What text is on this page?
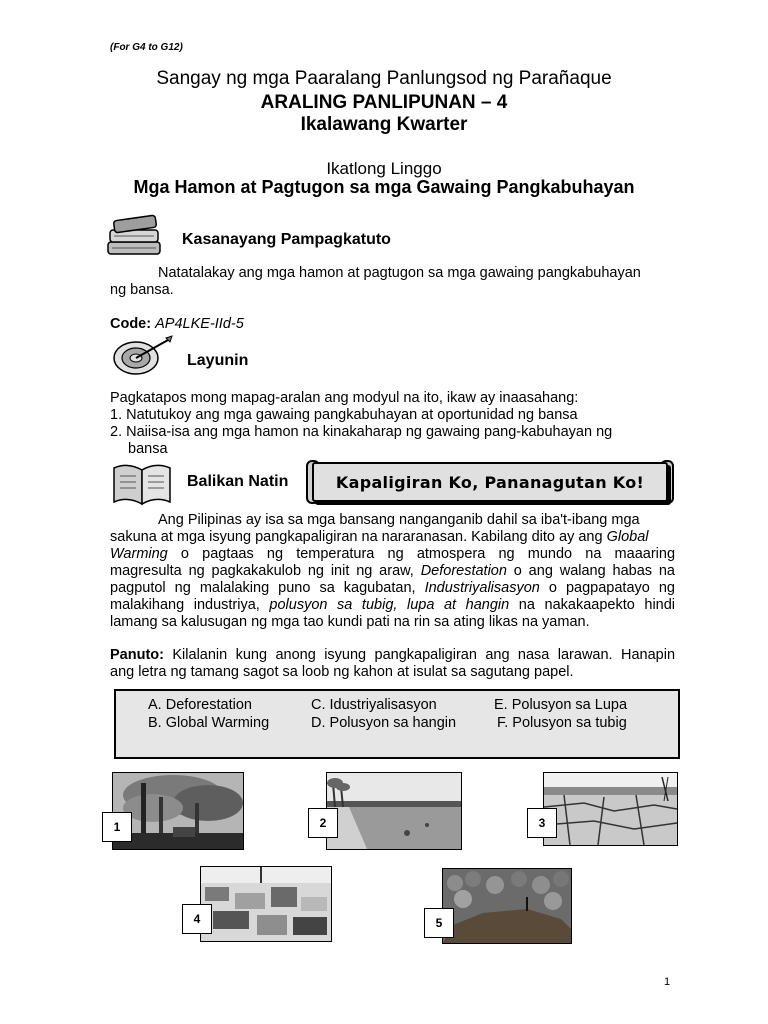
(For G4 to G12)
Sangay ng mga Paaralang Panlungsod ng Parañaque
ARALING PANLIPUNAN – 4
Ikalawang Kwarter
Ikatlong Linggo
Mga Hamon at Pagtugon sa mga Gawaing Pangkabuhayan
Kasanayang Pampagkatuto
Natatalakay ang mga hamon at pagtugon sa mga gawaing pangkabuhayan
ng bansa.
Code: AP4LKE-IId-5
Layunin
Pagkatapos mong mapag-aralan ang modyul na ito, ikaw ay inaasahang:
1. Natutukoy ang mga gawaing pangkabuhayan at oportunidad ng bansa
2. Naiisa-isa ang mga hamon na kinakaharap ng gawaing pang-kabuhayan ng
bansa
Balikan Natin	Kapaligiran Ko, Pananagutan Ko!
Ang Pilipinas ay isa sa mga bansang nanganganib dahil sa iba't-ibang mga
sakuna at mga isyung pangkapaligiran na nararanasan. Kabilang dito ay ang Global
Warming o pagtaas ng temperatura ng atmospera ng mundo na maaaring
magresulta ng pagkakakulob ng init ng araw, Deforestation o ang walang habas na
pagputol ng malalaking puno sa kagubatan, Industriyalisasyon o pagpapatayo ng
malakihang industriya, polusyon sa tubig, lupa at hangin na nakakaapekto hindi
lamang sa kalusugan ng mga tao kundi pati na rin sa ating likas na yaman.
Panuto: Kilalanin kung anong isyung pangkapaligiran ang nasa larawan. Hanapin
ang letra ng tamang sagot sa loob ng kahon at isulat sa sagutang papel.
A. Deforestation
B. Global Warming
C. Idustriyalisasyon
D. Polusyon sa hangin
E. Polusyon sa Lupa
F. Polusyon sa tubig
1	2	3
4	5
1
